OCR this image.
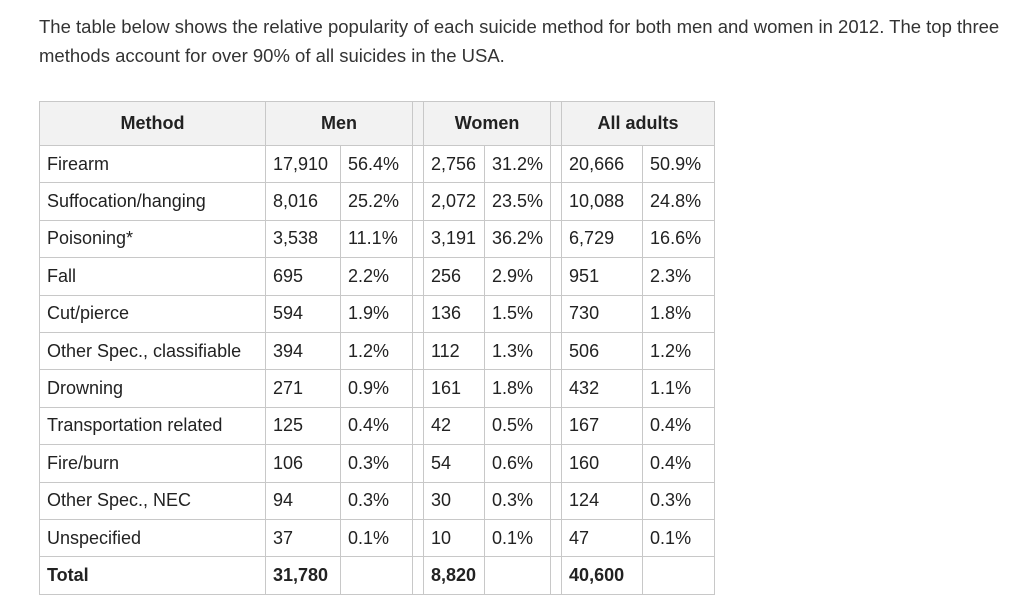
The table below shows the relative popularity of each suicide method for both men and women in 2012. The top three methods account for over 90% of all suicides in the USA.

Method	Men			Women			All adults	
Firearm	17,910	56.4%		2,756	31.2%		20,666	50.9%
Suffocation/hanging	8,016	25.2%		2,072	23.5%		10,088	24.8%
Poisoning*	3,538	11.1%		3,191	36.2%		6,729	16.6%
Fall	695	2.2%		256	2.9%		951	2.3%
Cut/pierce	594	1.9%		136	1.5%		730	1.8%
Other Spec., classifiable	394	1.2%		112	1.3%		506	1.2%
Drowning	271	0.9%		161	1.8%		432	1.1%
Transportation related	125	0.4%		42	0.5%		167	0.4%
Fire/burn	106	0.3%		54	0.6%		160	0.4%
Other Spec., NEC	94	0.3%		30	0.3%		124	0.3%
Unspecified	37	0.1%		10	0.1%		47	0.1%
Total	31,780			8,820			40,600	
